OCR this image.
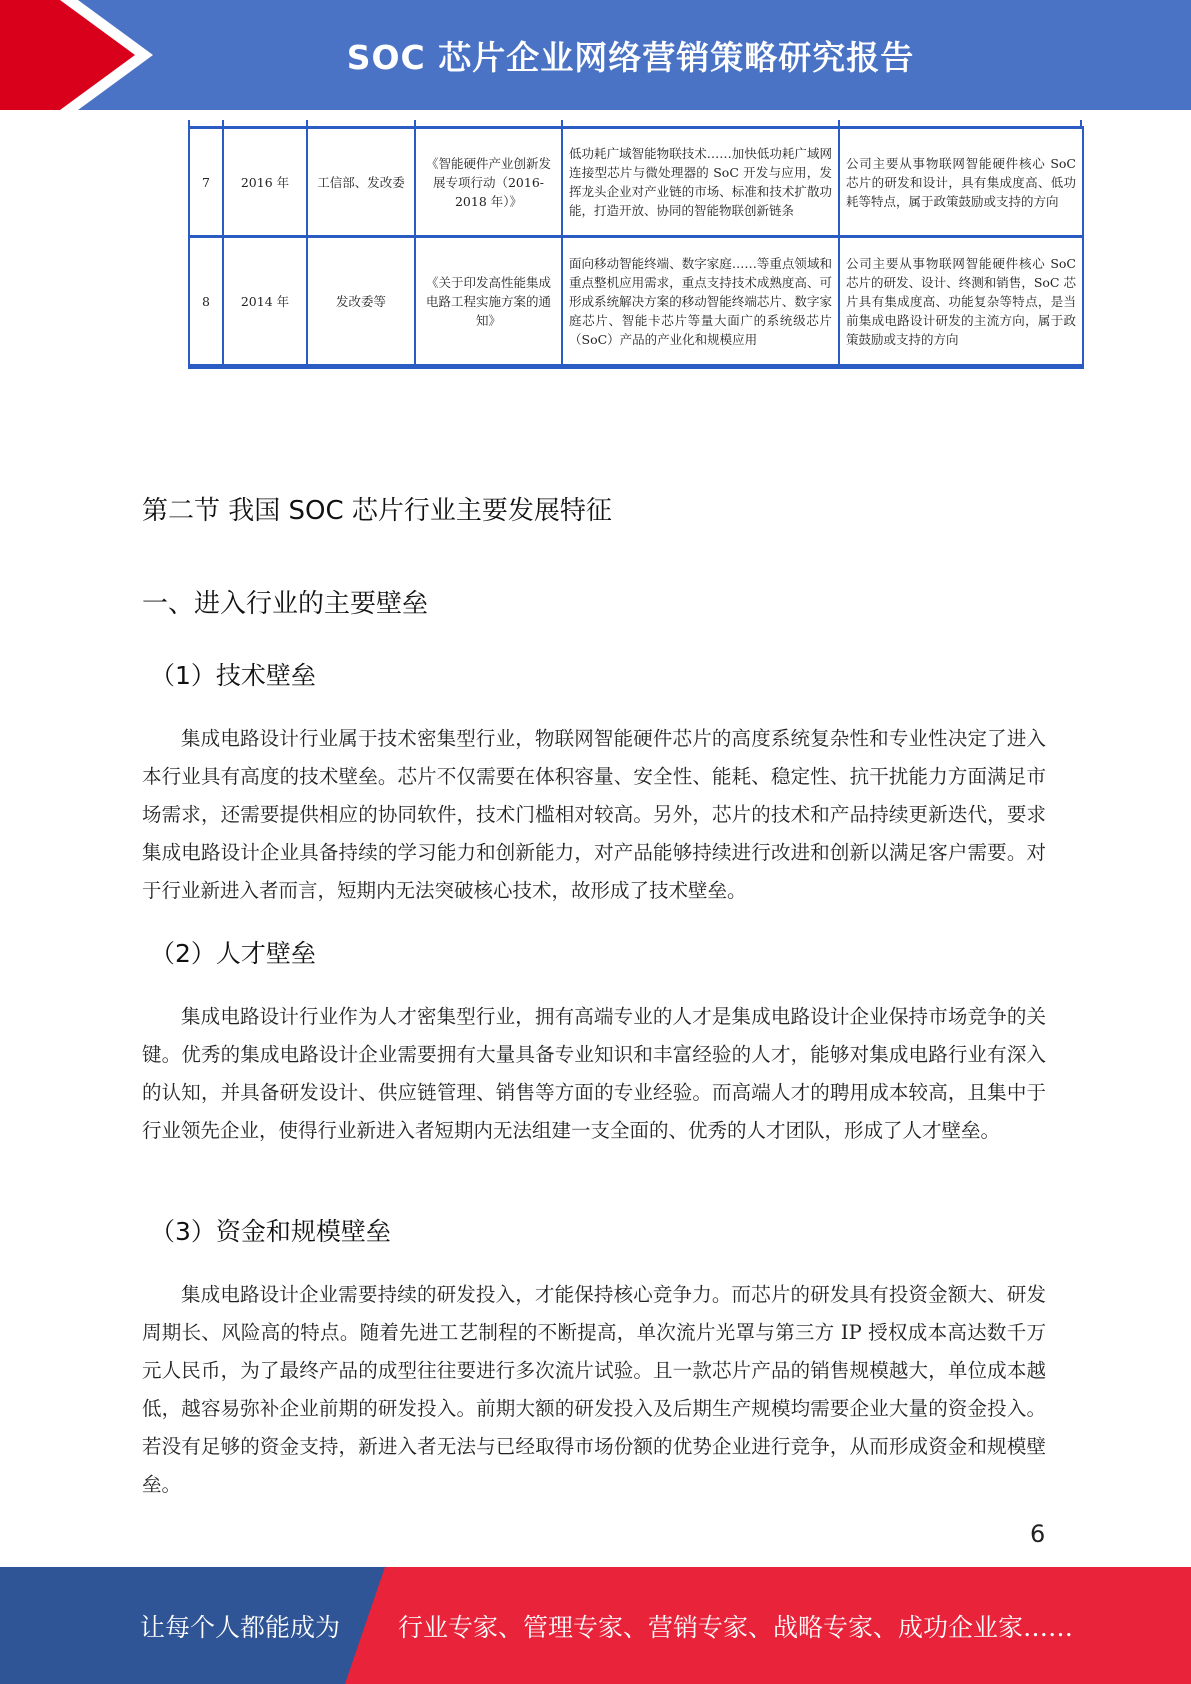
SOC 芯片企业网络营销策略研究报告
7	2016 年	工信部、发改委	《智能硬件产业创新发展专项行动（2016-2018 年）》	低功耗广域智能物联技术……加快低功耗广域网连接型芯片与微处理器的 SoC 开发与应用，发挥龙头企业对产业链的市场、标准和技术扩散功能，打造开放、协同的智能物联创新链条	公司主要从事物联网智能硬件核心 SoC 芯片的研发和设计，具有集成度高、低功耗等特点，属于政策鼓励或支持的方向
8	2014 年	发改委等	《关于印发高性能集成电路工程实施方案的通知》	面向移动智能终端、数字家庭……等重点领域和重点整机应用需求，重点支持技术成熟度高、可形成系统解决方案的移动智能终端芯片、数字家庭芯片、智能卡芯片等量大面广的系统级芯片（SoC）产品的产业化和规模应用	公司主要从事物联网智能硬件核心 SoC 芯片的研发、设计、终测和销售，SoC 芯片具有集成度高、功能复杂等特点，是当前集成电路设计研发的主流方向，属于政策鼓励或支持的方向
第二节 我国 SOC 芯片行业主要发展特征
一、进入行业的主要壁垒
（1）技术壁垒

集成电路设计行业属于技术密集型行业，物联网智能硬件芯片的高度系统复杂性和专业性决定了进入本行业具有高度的技术壁垒。芯片不仅需要在体积容量、安全性、能耗、稳定性、抗干扰能力方面满足市场需求，还需要提供相应的协同软件，技术门槛相对较高。另外，芯片的技术和产品持续更新迭代，要求集成电路设计企业具备持续的学习能力和创新能力，对产品能够持续进行改进和创新以满足客户需要。对于行业新进入者而言，短期内无法突破核心技术，故形成了技术壁垒。

（2）人才壁垒

集成电路设计行业作为人才密集型行业，拥有高端专业的人才是集成电路设计企业保持市场竞争的关键。优秀的集成电路设计企业需要拥有大量具备专业知识和丰富经验的人才，能够对集成电路行业有深入的认知，并具备研发设计、供应链管理、销售等方面的专业经验。而高端人才的聘用成本较高，且集中于行业领先企业，使得行业新进入者短期内无法组建一支全面的、优秀的人才团队，形成了人才壁垒。

（3）资金和规模壁垒

集成电路设计企业需要持续的研发投入，才能保持核心竞争力。而芯片的研发具有投资金额大、研发周期长、风险高的特点。随着先进工艺制程的不断提高，单次流片光罩与第三方 IP 授权成本高达数千万元人民币，为了最终产品的成型往往要进行多次流片试验。且一款芯片产品的销售规模越大，单位成本越低，越容易弥补企业前期的研发投入。前期大额的研发投入及后期生产规模均需要企业大量的资金投入。若没有足够的资金支持，新进入者无法与已经取得市场份额的优势企业进行竞争，从而形成资金和规模壁垒。

6
让每个人都能成为 行业专家、管理专家、营销专家、战略专家、成功企业家……
